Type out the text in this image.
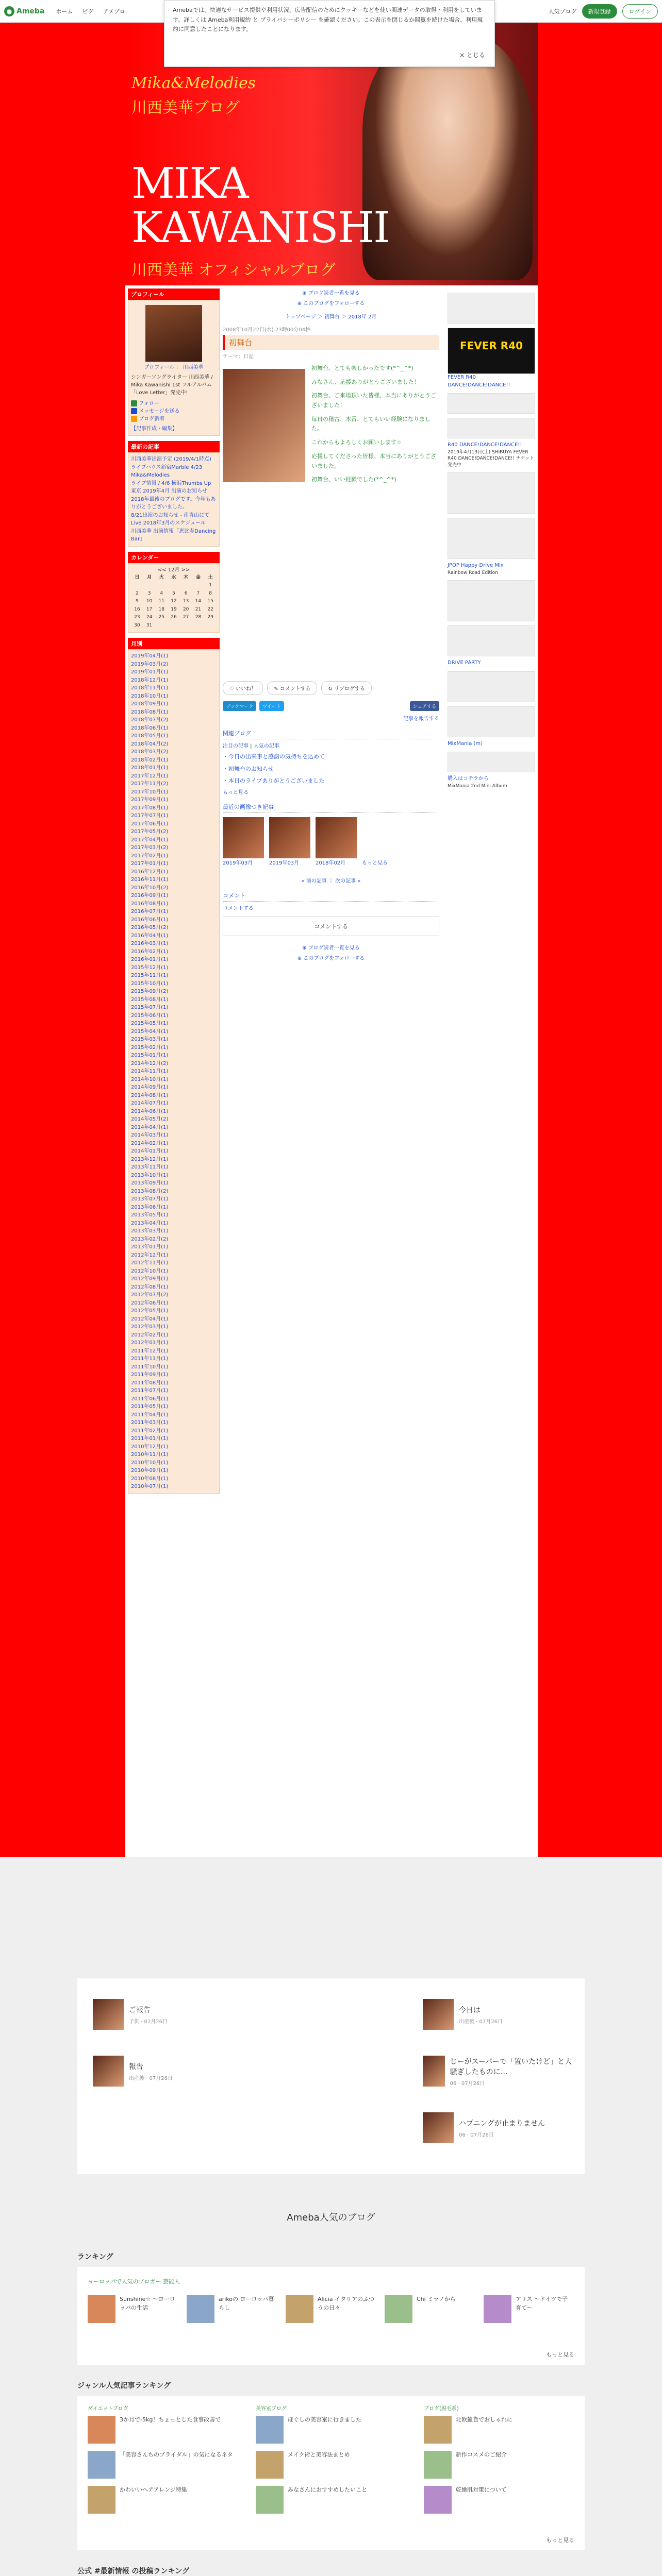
● Ameba ホーム ピグ アメブロ	人気ブログ	新規登録	ログイン
Amebaでは、快適なサービス提供や利用状況、広告配信のためにクッキーなどを使い関連データの取得・利用をしています。詳しくは Ameba利用規約 と プライバシーポリシー を確認ください。この表示を閉じるか閲覧を続けた場合、利用規約に同意したことになります。
× とじる
Mika&Melodies
川西美華ブログ
MIKA
KAWANISHI
川西美華 オフィシャルブログ
プロフィール
プロフィール ： 川西美華
シンガーソングライター 川西美華 / Mika Kawanishi 1st フルアルバム「Love Letter」発売中!
フォロー
メッセージを送る
ブログ新着
【記事作成・編集】
最新の記事
川西美華出演予定 (2019/4/1時点)
ライブハウス新宿Marble 4/23 Mika&Melodies
ライブ情報 / 4/6 横浜Thumbs Up
東京 2019年4月 出演のお知らせ
2018年最後のブログです。今年もありがとうございました。
8/21出演のお知らせ - 南青山にて
Live 2018年3月のスケジュール
川西美華 出演情報「恵比寿Dancing Bar」
カレンダー
<< 12月 >>
日	月	火	水	木	金	土
						1
2	3	4	5	6	7	8
9	10	11	12	13	14	15
16	17	18	19	20	21	22
23	24	25	26	27	28	29
30	31					
月別
2019年04月(1)
2019年03月(2)
2019年01月(1)
2018年12月(1)
2018年11月(1)
2018年10月(1)
2018年09月(1)
2018年08月(1)
2018年07月(2)
2018年06月(1)
2018年05月(1)
2018年04月(2)
2018年03月(2)
2018年02月(1)
2018年01月(1)
2017年12月(1)
2017年11月(2)
2017年10月(1)
2017年09月(1)
2017年08月(1)
2017年07月(1)
2017年06月(1)
2017年05月(2)
2017年04月(1)
2017年03月(2)
2017年02月(1)
2017年01月(1)
2016年12月(1)
2016年11月(1)
2016年10月(2)
2016年09月(1)
2016年08月(1)
2016年07月(1)
2016年06月(1)
2016年05月(2)
2016年04月(1)
2016年03月(1)
2016年02月(1)
2016年01月(1)
2015年12月(1)
2015年11月(1)
2015年10月(1)
2015年09月(2)
2015年08月(1)
2015年07月(1)
2015年06月(1)
2015年05月(1)
2015年04月(1)
2015年03月(1)
2015年02月(1)
2015年01月(1)
2014年12月(2)
2014年11月(1)
2014年10月(1)
2014年09月(1)
2014年08月(1)
2014年07月(1)
2014年06月(1)
2014年05月(2)
2014年04月(1)
2014年03月(1)
2014年02月(1)
2014年01月(1)
2013年12月(1)
2013年11月(1)
2013年10月(1)
2013年09月(1)
2013年08月(2)
2013年07月(1)
2013年06月(1)
2013年05月(1)
2013年04月(1)
2013年03月(1)
2013年02月(2)
2013年01月(1)
2012年12月(1)
2012年11月(1)
2012年10月(1)
2012年09月(1)
2012年08月(1)
2012年07月(2)
2012年06月(1)
2012年05月(1)
2012年04月(1)
2012年03月(1)
2012年02月(1)
2012年01月(1)
2011年12月(1)
2011年11月(1)
2011年10月(1)
2011年09月(1)
2011年08月(1)
2011年07月(1)
2011年06月(1)
2011年05月(1)
2011年04月(1)
2011年03月(1)
2011年02月(1)
2011年01月(1)
2010年12月(1)
2010年11月(1)
2010年10月(1)
2010年09月(1)
2010年08月(1)
2010年07月(1)
⊕ ブログ読者一覧を見る
⊕ このブログをフォローする
トップページ ＞ 初舞台 ＞ 2018年 2月
2008年10月22日(水) 23時00分04秒
初舞台
テーマ：日記

初舞台、とても楽しかったです(*^_^*)

みなさん、応援ありがとうございました！

初舞台、ご来場頂いた皆様、本当にありがとうございました！

毎日の稽古、本番、とてもいい経験になりました。

これからもよろしくお願いします☆

応援してくださった皆様、本当にありがとうございました。

初舞台、いい経験でした(*^_^*)

♡ いいね！	✎ コメントする	↻ リブログする
ブックマーク	ツイート	シェアする
記事を報告する
関連ブログ
注目の記事 | 人気の記事
・今日の出来事と感謝の気持ちを込めて
・初舞台のお知らせ
・本日のライブありがとうございました
もっと見る
最近の画像つき記事
2019年03月	2019年03月	2018年02月	もっと見る
« 前の記事 ｜ 次の記事 »
コメント
コメントする
コメントする
⊕ ブログ読者一覧を見る
⊕ このブログをフォローする
FEVER R40
FEVER R40 DANCE!DANCE!DANCE!!
R40 DANCE!DANCE!DANCE!!
2019年4月13日(土) SHIBUYA FEVER R40 DANCE!DANCE!DANCE!! チケット発売中
JPOP Happy Drive Mix
Rainbow Road Edition
DRIVE PARTY
MixMania (m)
購入はコチラから
MixMania 2nd Mini Album
ご報告
子供 · 07月26日
今日は
出産後 · 07月26日
報告
出産後 · 07月26日
じーがスーパーで「置いたけど」と大騒ぎしたものに…
06 · 07月26日
ハプニングが止まりません
06 · 07月26日
Ameba人気のブログ
ランキング
ヨーロッパで人気のブロガー 芸能人
Sunshine☆ 〜ヨーロッパの生活
arikoの ヨーロッパ暮らし
Alicia イタリアのふつうの日々
Chi ミラノから	アリス 〜ドイツで子育て〜
もっと見る
ジャンル人気記事ランキング
ダイエットブログ
3か月で-5kg！ちょっとした食事改善で
「美容さんちのブライダル」の気になるネタ
かわいいヘアアレンジ特集
美容室ブログ
ほぐしの美容室に行きました
メイク術と美容法まとめ
みなさんにおすすめしたいこと
ブログ(脱毛系)
北欧雑貨でおしゃれに
新作コスメのご紹介
乾燥肌対策について
もっと見る
公式 #最新情報 の投稿ランキング
